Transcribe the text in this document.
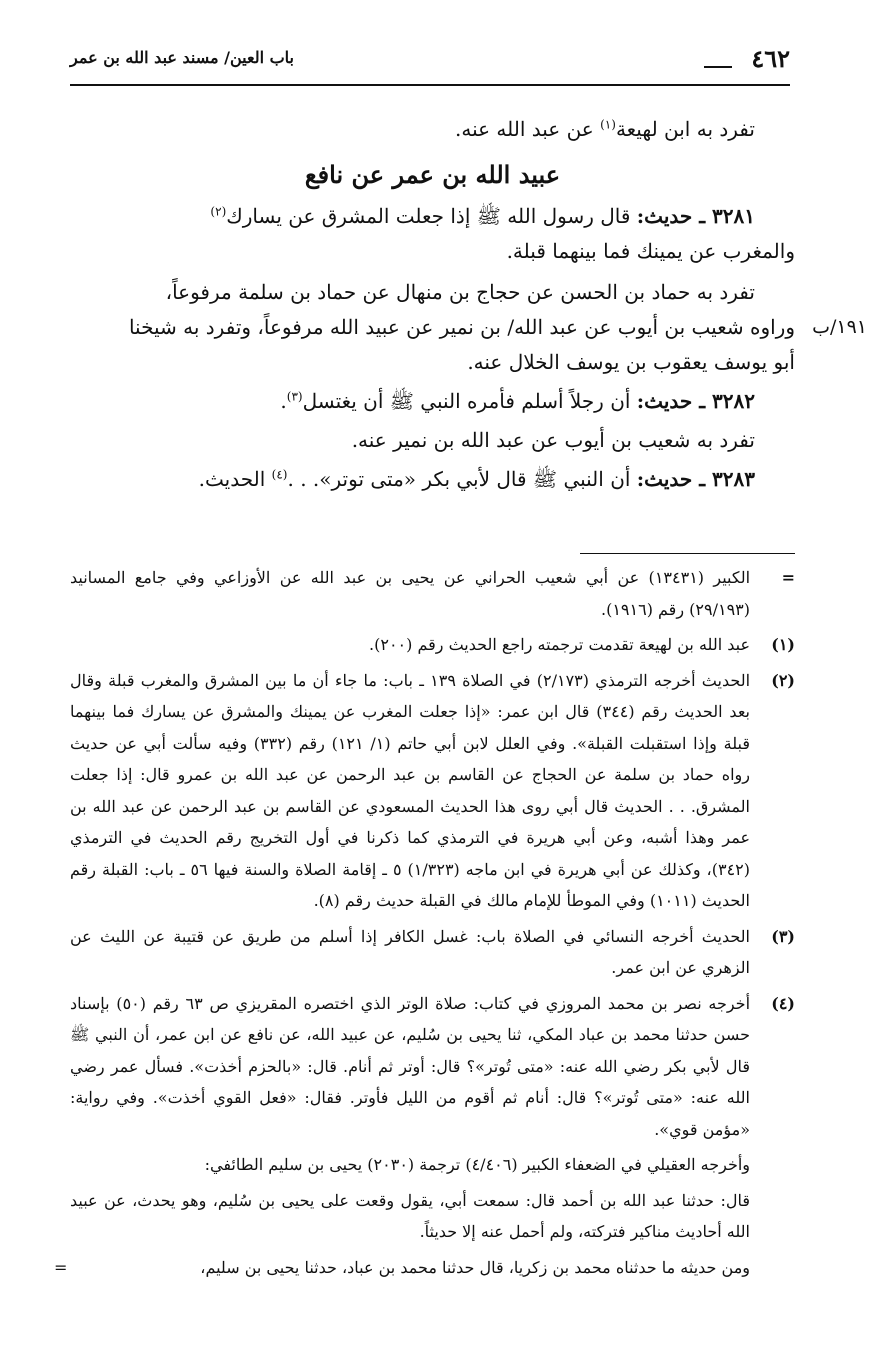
٤٦٢
باب العين/ مسند عبد الله بن عمر

تفرد به ابن لهيعة$^{(١)}$ عن عبد الله عنه.

عبيد الله بن عمر عن نافع

٣٢٨١ ـ حديث: قال رسول الله ﷺ إذا جعلت المشرق عن يسارك$^{(٢)}$

والمغرب عن يمينك فما بينهما قبلة.

تفرد به حماد بن الحسن عن حجاج بن منهال عن حماد بن سلمة مرفوعاً،

وراوه شعيب بن أيوب عن عبد الله/ بن نمير عن عبيد الله مرفوعاً، وتفرد به شيخنا ١٩١/ب

أبو يوسف يعقوب بن يوسف الخلال عنه.

٣٢٨٢ ـ حديث: أن رجلاً أسلم فأمره النبي ﷺ أن يغتسل$^{(٣)}$.

تفرد به شعيب بن أيوب عن عبد الله بن نمير عنه.

٣٢٨٣ ـ حديث: أن النبي ﷺ قال لأبي بكر «متى توتر». . .$^{(٤)}$ الحديث.

=
الكبير (١٣٤٣١) عن أبي شعيب الحراني عن يحيى بن عبد الله عن الأوزاعي وفي جامع المسانيد (٢٩/١٩٣) رقم (١٩١٦).
(١)
عبد الله بن لهيعة تقدمت ترجمته راجع الحديث رقم (٢٠٠).
(٢)
الحديث أخرجه الترمذي (٢/١٧٣) في الصلاة ١٣٩ ـ باب: ما جاء أن ما بين المشرق والمغرب قبلة وقال بعد الحديث رقم (٣٤٤) قال ابن عمر: «إذا جعلت المغرب عن يمينك والمشرق عن يسارك فما بينهما قبلة وإذا استقبلت القبلة». وفي العلل لابن أبي حاتم (١/ ١٢١) رقم (٣٣٢) وفيه سألت أبي عن حديث رواه حماد بن سلمة عن الحجاج عن القاسم بن عبد الرحمن عن عبد الله بن عمرو قال: إذا جعلت المشرق. . . الحديث قال أبي روى هذا الحديث المسعودي عن القاسم بن عبد الرحمن عن عبد الله بن عمر وهذا أشبه، وعن أبي هريرة في الترمذي كما ذكرنا في أول التخريج رقم الحديث في الترمذي (٣٤٢)، وكذلك عن أبي هريرة في ابن ماجه (١/٣٢٣) ٥ ـ إقامة الصلاة والسنة فيها ٥٦ ـ باب: القبلة رقم الحديث (١٠١١) وفي الموطأ للإمام مالك في القبلة حديث رقم (٨).
(٣)
الحديث أخرجه النسائي في الصلاة باب: غسل الكافر إذا أسلم من طريق عن قتيبة عن الليث عن الزهري عن ابن عمر.
(٤)
أخرجه نصر بن محمد المروزي في كتاب: صلاة الوتر الذي اختصره المقريزي ص ٦٣ رقم (٥٠) بإسناد حسن حدثنا محمد بن عباد المكي، ثنا يحيى بن سُليم، عن عبيد الله، عن نافع عن ابن عمر، أن النبي ﷺ قال لأبي بكر رضي الله عنه: «متى تُوتر»؟ قال: أوتر ثم أنام. قال: «بالحزم أخذت». فسأل عمر رضي الله عنه: «متى تُوتر»؟ قال: أنام ثم أقوم من الليل فأوتر. فقال: «فعل القوي أخذت». وفي رواية: «مؤمن قوي».
وأخرجه العقيلي في الضعفاء الكبير (٤/٤٠٦) ترجمة (٢٠٣٠) يحيى بن سليم الطائفي:
قال: حدثنا عبد الله بن أحمد قال: سمعت أبي، يقول وقعت على يحيى بن سُليم، وهو يحدث، عن عبيد الله أحاديث مناكير فتركته، ولم أحمل عنه إلا حديثاً.
ومن حديثه ما حدثناه محمد بن زكريا، قال حدثنا محمد بن عباد، حدثنا يحيى بن سليم،
=
